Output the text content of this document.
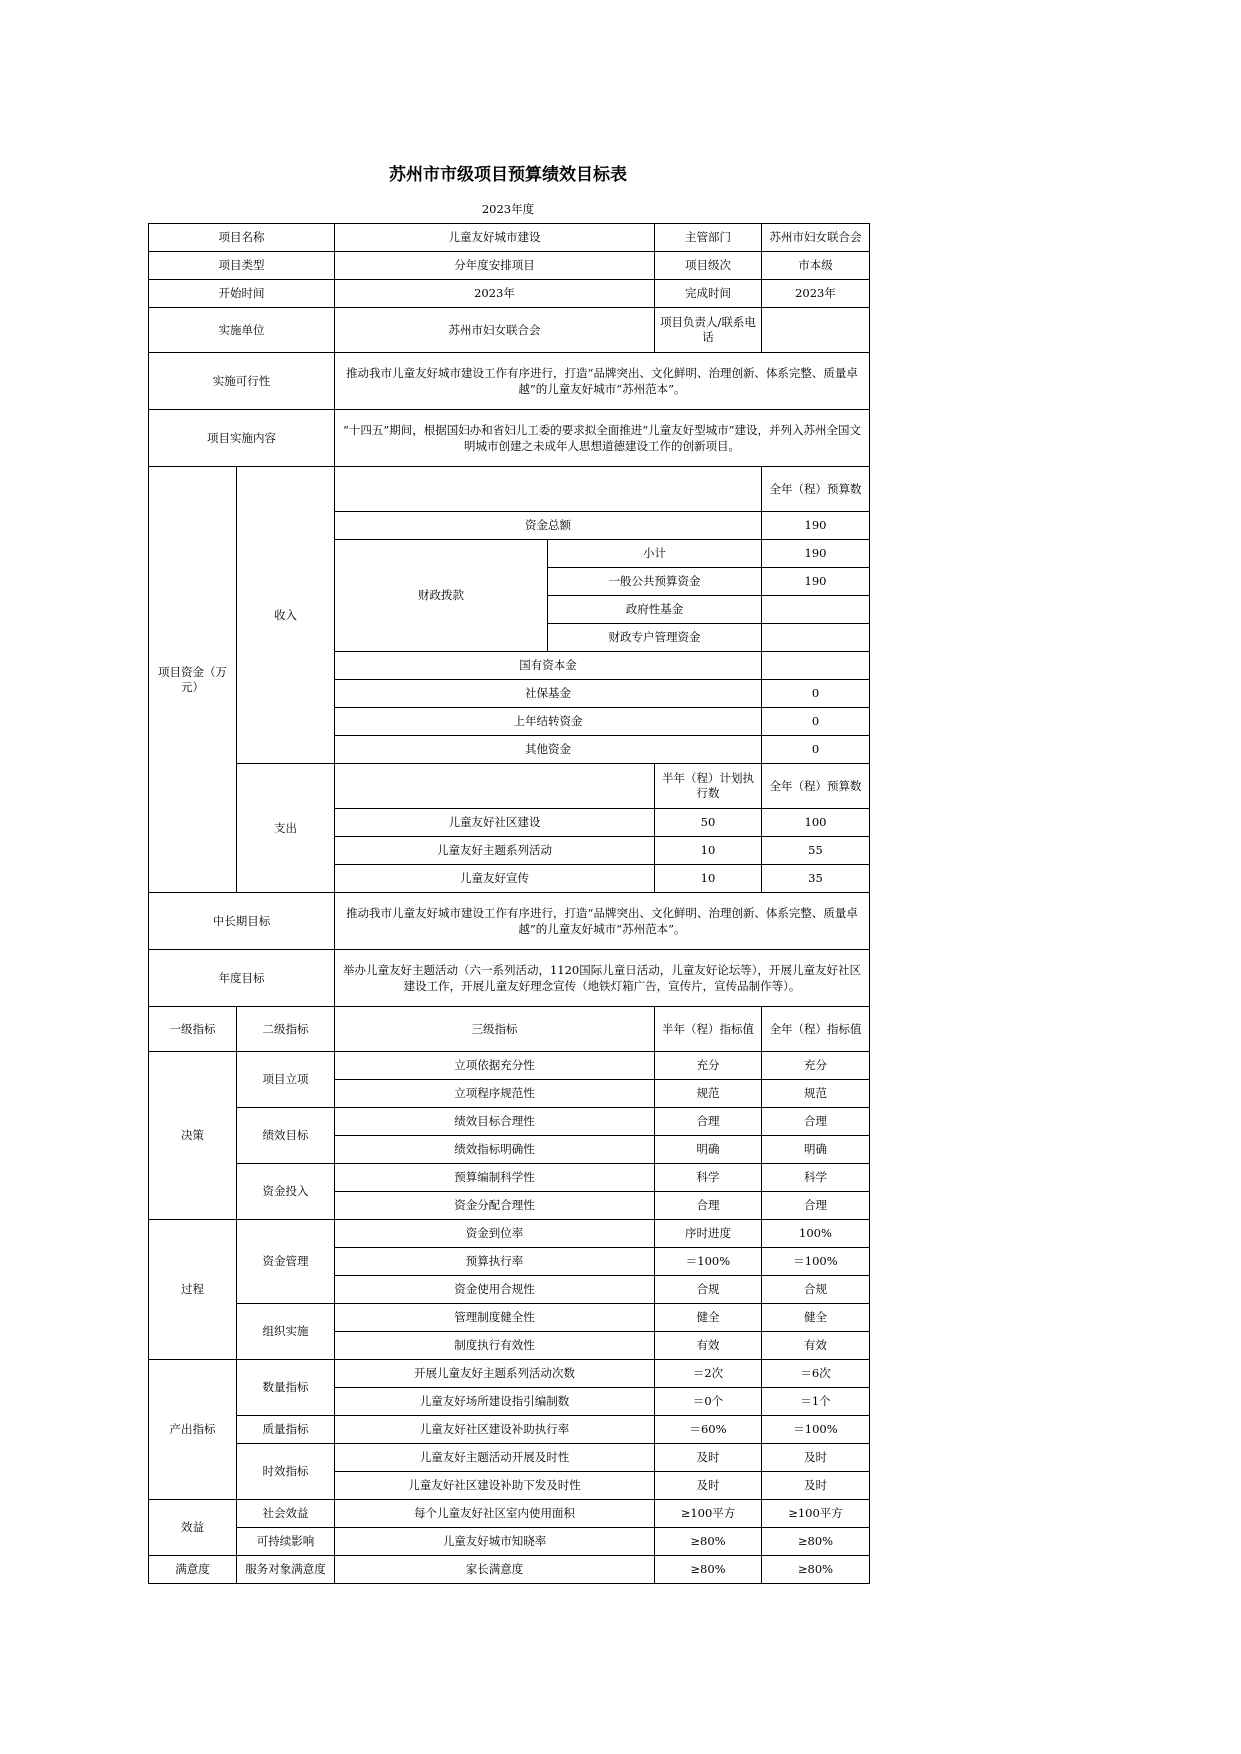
苏州市市级项目预算绩效目标表
2023年度
项目名称		儿童友好城市建设		主管部门	苏州市妇女联合会
项目类型		分年度安排项目		项目级次	市本级
开始时间		2023年		完成时间	2023年
实施单位		苏州市妇女联合会		项目负责人/联系电话	
实施可行性		推动我市儿童友好城市建设工作有序进行，打造“品牌突出、文化鲜明、治理创新、体系完整、质量卓越”的儿童友好城市“苏州范本”。			
项目实施内容		“十四五”期间，根据国妇办和省妇儿工委的要求拟全面推进“儿童友好型城市”建设，并列入苏州全国文明城市创建之未成年人思想道德建设工作的创新项目。			
项目资金（万元）	收入				全年（程）预算数
		资金总额			190
		财政拨款	小计		190
			一般公共预算资金		190
			政府性基金		
			财政专户管理资金		
		国有资本金			
		社保基金			0
		上年结转资金			0
		其他资金			0
	支出			半年（程）计划执行数	全年（程）预算数
		儿童友好社区建设		50	100
		儿童友好主题系列活动		10	55
		儿童友好宣传		10	35
中长期目标		推动我市儿童友好城市建设工作有序进行，打造“品牌突出、文化鲜明、治理创新、体系完整、质量卓越”的儿童友好城市“苏州范本”。			
年度目标		举办儿童友好主题活动（六一系列活动，1120国际儿童日活动，儿童友好论坛等），开展儿童友好社区建设工作，开展儿童友好理念宣传（地铁灯箱广告，宣传片，宣传品制作等）。			
一级指标	二级指标	三级指标		半年（程）指标值	全年（程）指标值
决策	项目立项	立项依据充分性		充分	充分
		立项程序规范性		规范	规范
	绩效目标	绩效目标合理性		合理	合理
		绩效指标明确性		明确	明确
	资金投入	预算编制科学性		科学	科学
		资金分配合理性		合理	合理
过程	资金管理	资金到位率		序时进度	100%
		预算执行率		＝100%	＝100%
		资金使用合规性		合规	合规
	组织实施	管理制度健全性		健全	健全
		制度执行有效性		有效	有效
产出指标	数量指标	开展儿童友好主题系列活动次数		＝2次	＝6次
		儿童友好场所建设指引编制数		＝0个	＝1个
	质量指标	儿童友好社区建设补助执行率		＝60%	＝100%
	时效指标	儿童友好主题活动开展及时性		及时	及时
		儿童友好社区建设补助下发及时性		及时	及时
效益	社会效益	每个儿童友好社区室内使用面积		≥100平方	≥100平方
	可持续影响	儿童友好城市知晓率		≥80%	≥80%
满意度	服务对象满意度	家长满意度		≥80%	≥80%
